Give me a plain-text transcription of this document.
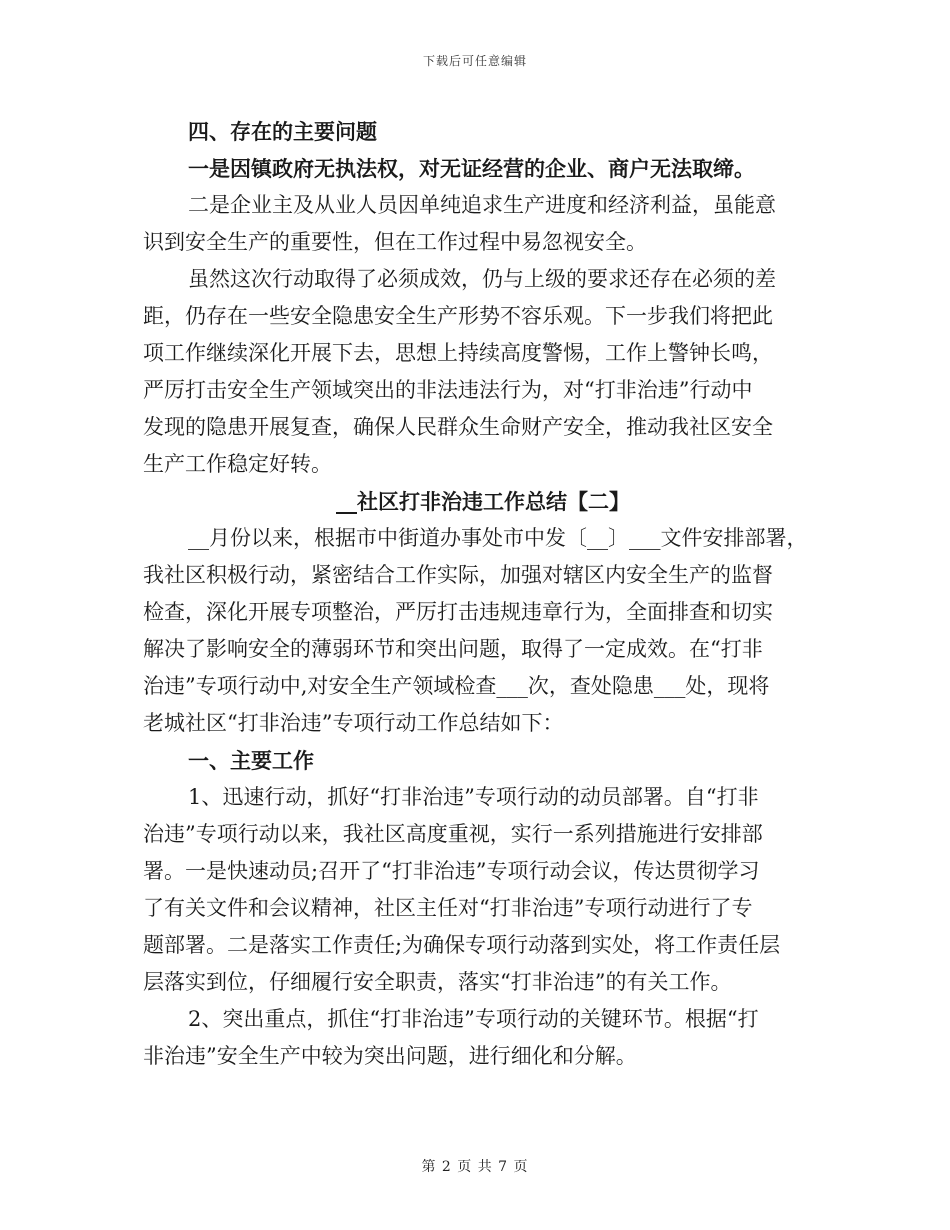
下载后可任意编辑
四、存在的主要问题
一是因镇政府无执法权，对无证经营的企业、商户无法取缔。
二是企业主及从业人员因单纯追求生产进度和经济利益，虽能意
识到安全生产的重要性，但在工作过程中易忽视安全。
虽然这次行动取得了必须成效，仍与上级的要求还存在必须的差
距，仍存在一些安全隐患安全生产形势不容乐观。下一步我们将把此
项工作继续深化开展下去，思想上持续高度警惕，工作上警钟长鸣，
严厉打击安全生产领域突出的非法违法行为，对“打非治违”行动中
发现的隐患开展复查，确保人民群众生命财产安全，推动我社区安全
生产工作稳定好转。
__社区打非治违工作总结【二】
__月份以来，根据市中街道办事处市中发〔__〕___文件安排部署，
我社区积极行动，紧密结合工作实际，加强对辖区内安全生产的监督
检查，深化开展专项整治，严厉打击违规违章行为，全面排查和切实
解决了影响安全的薄弱环节和突出问题，取得了一定成效。在“打非
治违”专项行动中,对安全生产领域检查___次，查处隐患___处，现将
老城社区“打非治违”专项行动工作总结如下：
一、主要工作
1、迅速行动，抓好“打非治违”专项行动的动员部署。自“打非
治违”专项行动以来，我社区高度重视，实行一系列措施进行安排部
署。一是快速动员;召开了“打非治违”专项行动会议，传达贯彻学习
了有关文件和会议精神，社区主任对“打非治违”专项行动进行了专
题部署。二是落实工作责任;为确保专项行动落到实处，将工作责任层
层落实到位，仔细履行安全职责，落实“打非治违”的有关工作。
2、突出重点，抓住“打非治违”专项行动的关键环节。根据“打
非治违”安全生产中较为突出问题，进行细化和分解。
第 2 页 共 7 页
